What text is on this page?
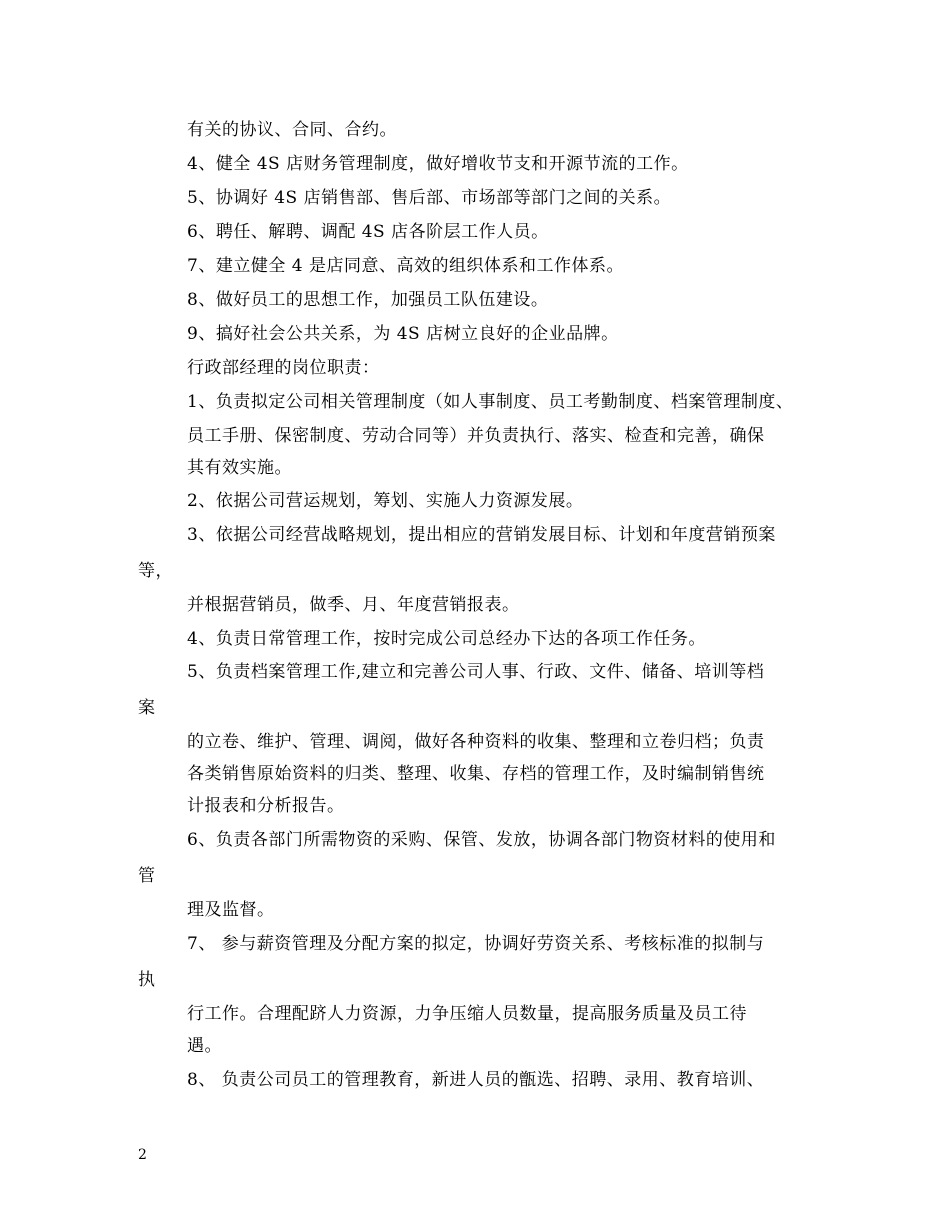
有关的协议、合同、合约。
4、健全 4S 店财务管理制度，做好增收节支和开源节流的工作。
5、协调好 4S 店销售部、售后部、市场部等部门之间的关系。
6、聘任、解聘、调配 4S 店各阶层工作人员。
7、建立健全 4 是店同意、高效的组织体系和工作体系。
8、做好员工的思想工作，加强员工队伍建设。
9、搞好社会公共关系，为 4S 店树立良好的企业品牌。
行政部经理的岗位职责：
1、负责拟定公司相关管理制度（如人事制度、员工考勤制度、档案管理制度、
员工手册、保密制度、劳动合同等）并负责执行、落实、检查和完善，确保
其有效实施。
2、依据公司营运规划，筹划、实施人力资源发展。
3、依据公司经营战略规划，提出相应的营销发展目标、计划和年度营销预案
等，
并根据营销员，做季、月、年度营销报表。
4、负责日常管理工作，按时完成公司总经办下达的各项工作任务。
5、负责档案管理工作,建立和完善公司人事、行政、文件、储备、培训等档
案
的立卷、维护、管理、调阅，做好各种资料的收集、整理和立卷归档；负责
各类销售原始资料的归类、整理、收集、存档的管理工作，及时编制销售统
计报表和分析报告。
6、负责各部门所需物资的采购、保管、发放，协调各部门物资材料的使用和
管
理及监督。
7、 参与薪资管理及分配方案的拟定，协调好劳资关系、考核标准的拟制与
执
行工作。合理配跻人力资源，力争压缩人员数量，提高服务质量及员工待
遇。
8、 负责公司员工的管理教育，新进人员的甑选、招聘、录用、教育培训、
2
